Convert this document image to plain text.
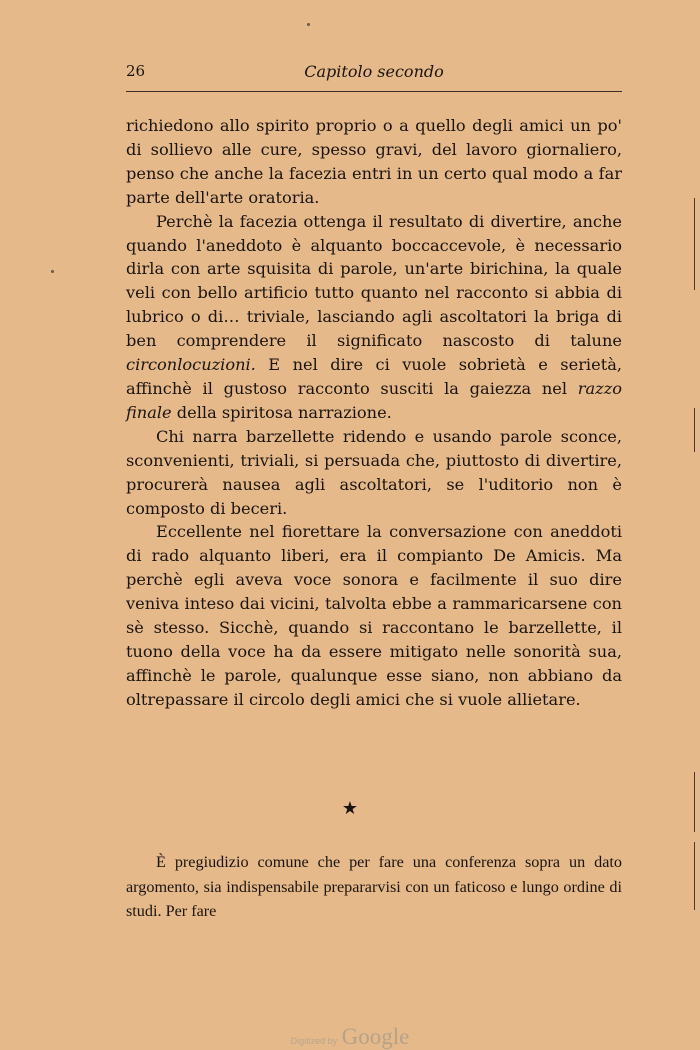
26	Capitolo secondo

richiedono allo spirito proprio o a quello degli amici un po' di sollievo alle cure, spesso gravi, del lavoro giornaliero, penso che anche la facezia entri in un certo qual modo a far parte dell'arte oratoria.

Perchè la facezia ottenga il resultato di divertire, anche quando l'aneddoto è alquanto boccaccevole, è necessario dirla con arte squisita di parole, un'arte birichina, la quale veli con bello artificio tutto quanto nel racconto si abbia di lubrico o di… triviale, lasciando agli ascoltatori la briga di ben comprendere il significato nascosto di talune circonlocuzioni. E nel dire ci vuole sobrietà e serietà, affinchè il gustoso racconto susciti la gaiezza nel razzo finale della spiritosa narrazione.

Chi narra barzellette ridendo e usando parole sconce, sconvenienti, triviali, si persuada che, piuttosto di divertire, procurerà nausea agli ascoltatori, se l'uditorio non è composto di beceri.

Eccellente nel fiorettare la conversazione con aneddoti di rado alquanto liberi, era il compianto De Amicis. Ma perchè egli aveva voce sonora e facilmente il suo dire veniva inteso dai vicini, talvolta ebbe a rammaricarsene con sè stesso. Sicchè, quando si raccontano le barzellette, il tuono della voce ha da essere mitigato nelle sonorità sua, affinchè le parole, qualunque esse siano, non abbiano da oltrepassare il circolo degli amici che si vuole allietare.

★

È pregiudizio comune che per fare una conferenza sopra un dato argomento, sia indispensabile prepararvisi con un faticoso e lungo ordine di studi. Per fare

Digitized by Google
